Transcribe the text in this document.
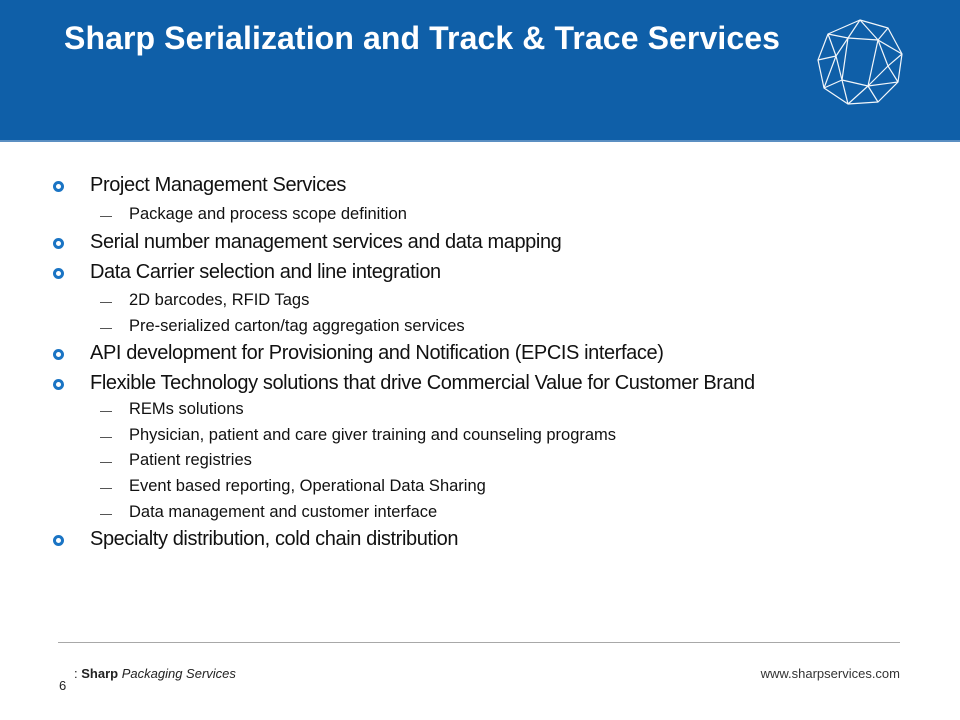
Sharp Serialization and Track & Trace Services
Project Management Services
Package and process scope definition
Serial number management services and data mapping
Data Carrier selection and line integration
2D barcodes, RFID Tags
Pre-serialized carton/tag aggregation services
API development for Provisioning and Notification (EPCIS interface)
Flexible Technology solutions that drive Commercial Value for Customer Brand
REMs solutions
Physician, patient and care giver training and counseling programs
Patient registries
Event based reporting, Operational Data Sharing
Data management and customer interface
Specialty distribution, cold chain distribution
: Sharp Packaging Services	www.sharpservices.com
6
